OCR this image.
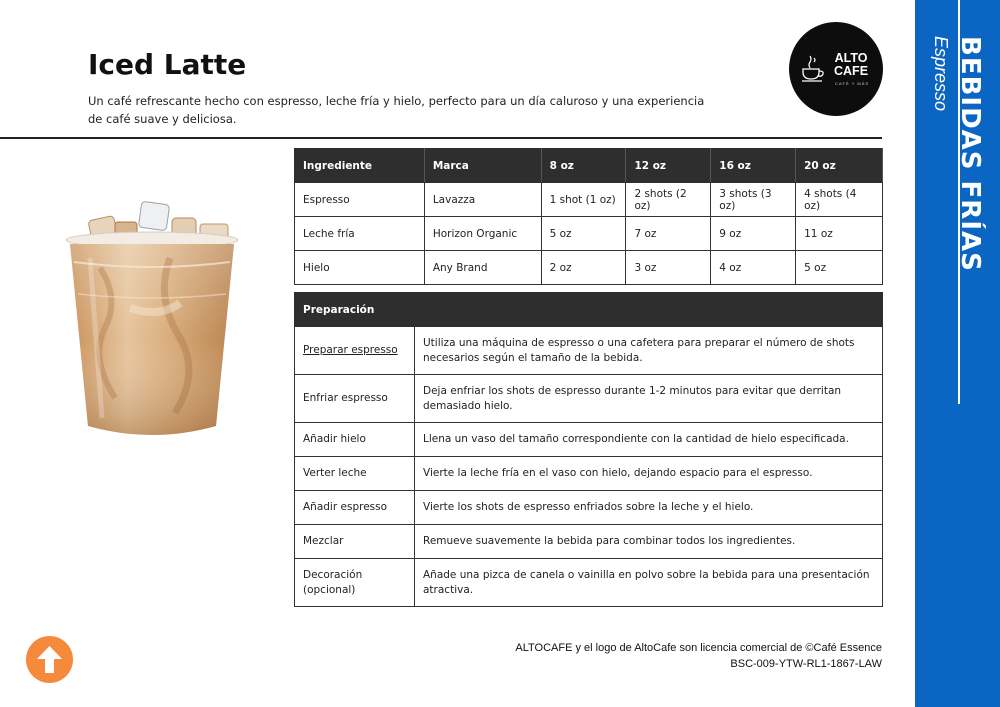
BEBIDAS FRÍAS
Espresso
Iced Latte

Un café refrescante hecho con espresso, leche fría y hielo, perfecto para un día caluroso y una experiencia de café suave y deliciosa.

ALTO
CAFE
CAFÉ Y MÁS
Ingrediente	Marca	8 oz	12 oz	16 oz	20 oz
Espresso	Lavazza	1 shot (1 oz)	2 shots (2 oz)	3 shots (3 oz)	4 shots (4 oz)
Leche fría	Horizon Organic	5 oz	7 oz	9 oz	11 oz
Hielo	Any Brand	2 oz	3 oz	4 oz	5 oz
Preparación	
Preparar espresso	Utiliza una máquina de espresso o una cafetera para preparar el número de shots necesarios según el tamaño de la bebida.
Enfriar espresso	Deja enfriar los shots de espresso durante 1-2 minutos para evitar que derritan demasiado hielo.
Añadir hielo	Llena un vaso del tamaño correspondiente con la cantidad de hielo especificada.
Verter leche	Vierte la leche fría en el vaso con hielo, dejando espacio para el espresso.
Añadir espresso	Vierte los shots de espresso enfriados sobre la leche y el hielo.
Mezclar	Remueve suavemente la bebida para combinar todos los ingredientes.
Decoración (opcional)	Añade una pizca de canela o vainilla en polvo sobre la bebida para una presentación atractiva.
ALTOCAFE y el logo de AltoCafe son licencia comercial de ©Café Essence
BSC-009-YTW-RL1-1867-LAW
